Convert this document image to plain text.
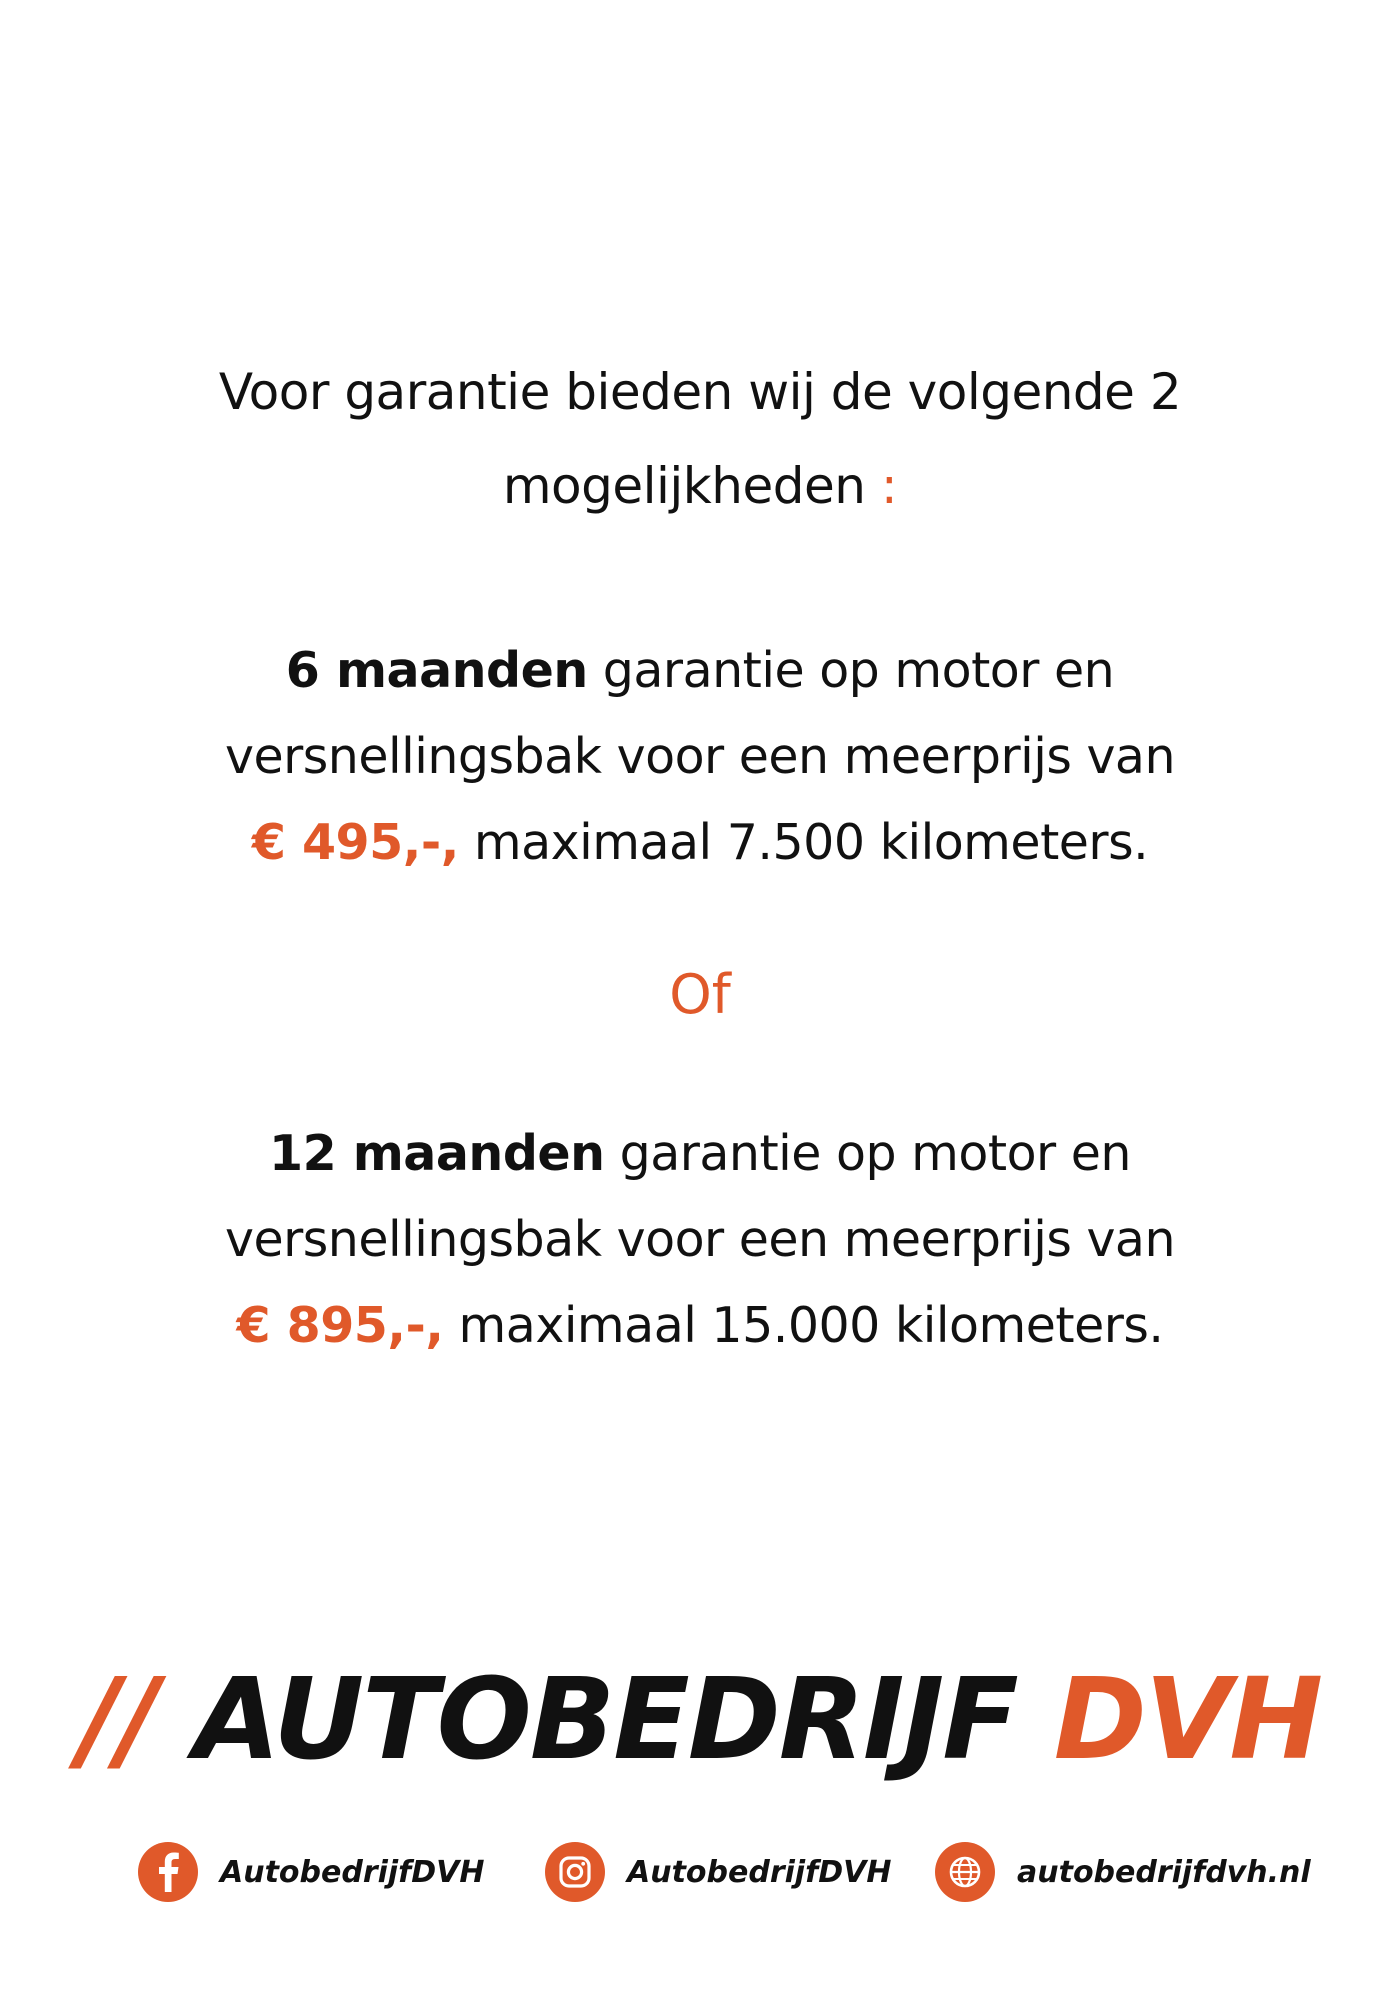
Voor garantie bieden wij de volgende 2
mogelijkheden :
6 maanden garantie op motor en
versnellingsbak voor een meerprijs van
€ 495,-, maximaal 7.500 kilometers.
Of
12 maanden garantie op motor en
versnellingsbak voor een meerprijs van
€ 895,-, maximaal 15.000 kilometers.
// AUTOBEDRIJF DVH
AutobedrijfDVH	AutobedrijfDVH	autobedrijfdvh.nl
